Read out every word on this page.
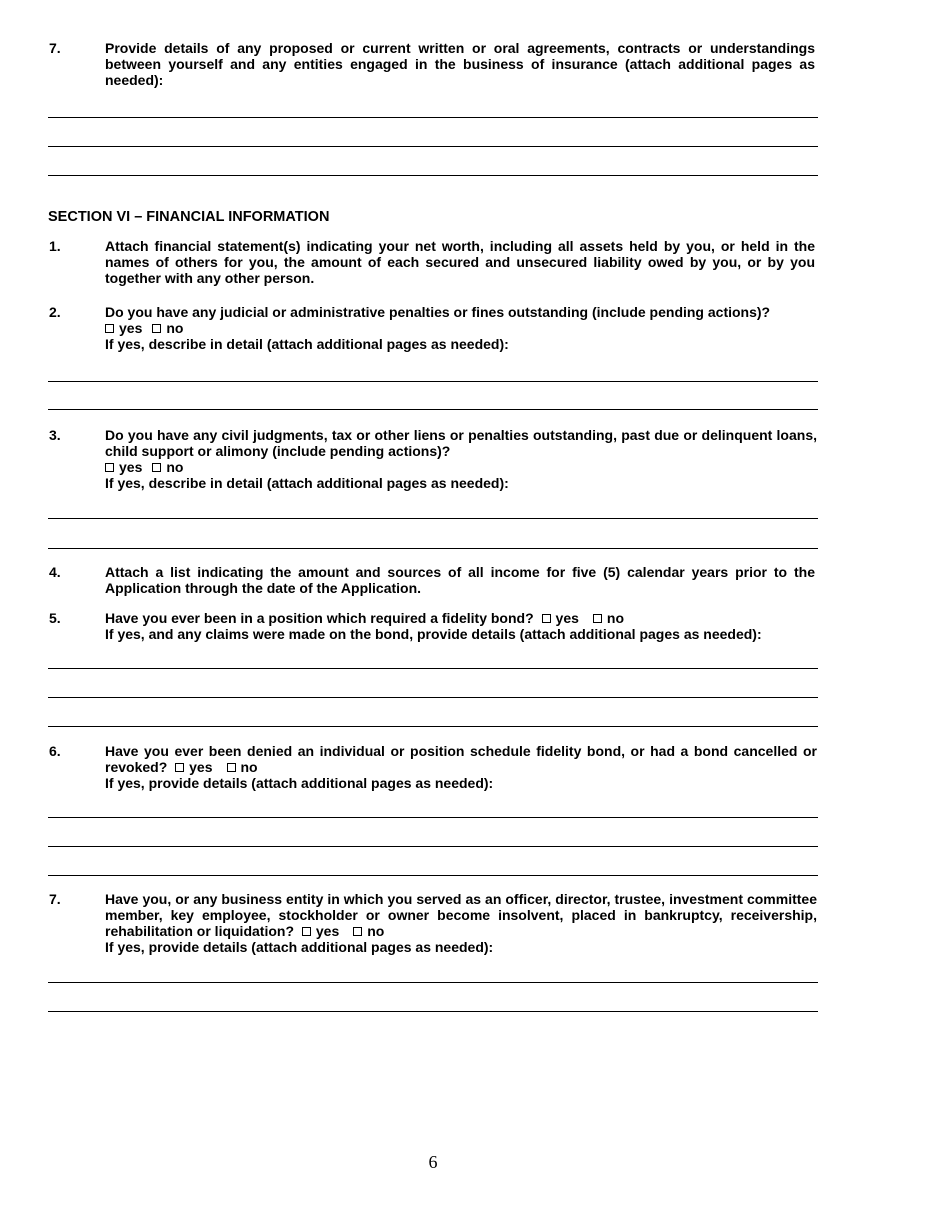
7.	Provide details of any proposed or current written or oral agreements, contracts or understandings between yourself and any entities engaged in the business of insurance (attach additional pages as needed):
SECTION VI – FINANCIAL INFORMATION
1.	Attach financial statement(s) indicating your net worth, including all assets held by you, or held in the names of others for you, the amount of each secured and unsecured liability owed by you, or by you together with any other person.
2.	Do you have any judicial or administrative penalties or fines outstanding (include pending actions)?

yes no

If yes, describe in detail (attach additional pages as needed):

3.	Do you have any civil judgments, tax or other liens or penalties outstanding, past due or delinquent loans, child support or alimony (include pending actions)?

yes no

If yes, describe in detail (attach additional pages as needed):

4.	Attach a list indicating the amount and sources of all income for five (5) calendar years prior to the Application through the date of the Application.
5.	Have you ever been in a position which required a fidelity bond? yes no

If yes, and any claims were made on the bond, provide details (attach additional pages as needed):

6.	Have you ever been denied an individual or position schedule fidelity bond, or had a bond cancelled or revoked? yes no

If yes, provide details (attach additional pages as needed):

7.	Have you, or any business entity in which you served as an officer, director, trustee, investment committee member, key employee, stockholder or owner become insolvent, placed in bankruptcy, receivership, rehabilitation or liquidation? yes no

If yes, provide details (attach additional pages as needed):

6
